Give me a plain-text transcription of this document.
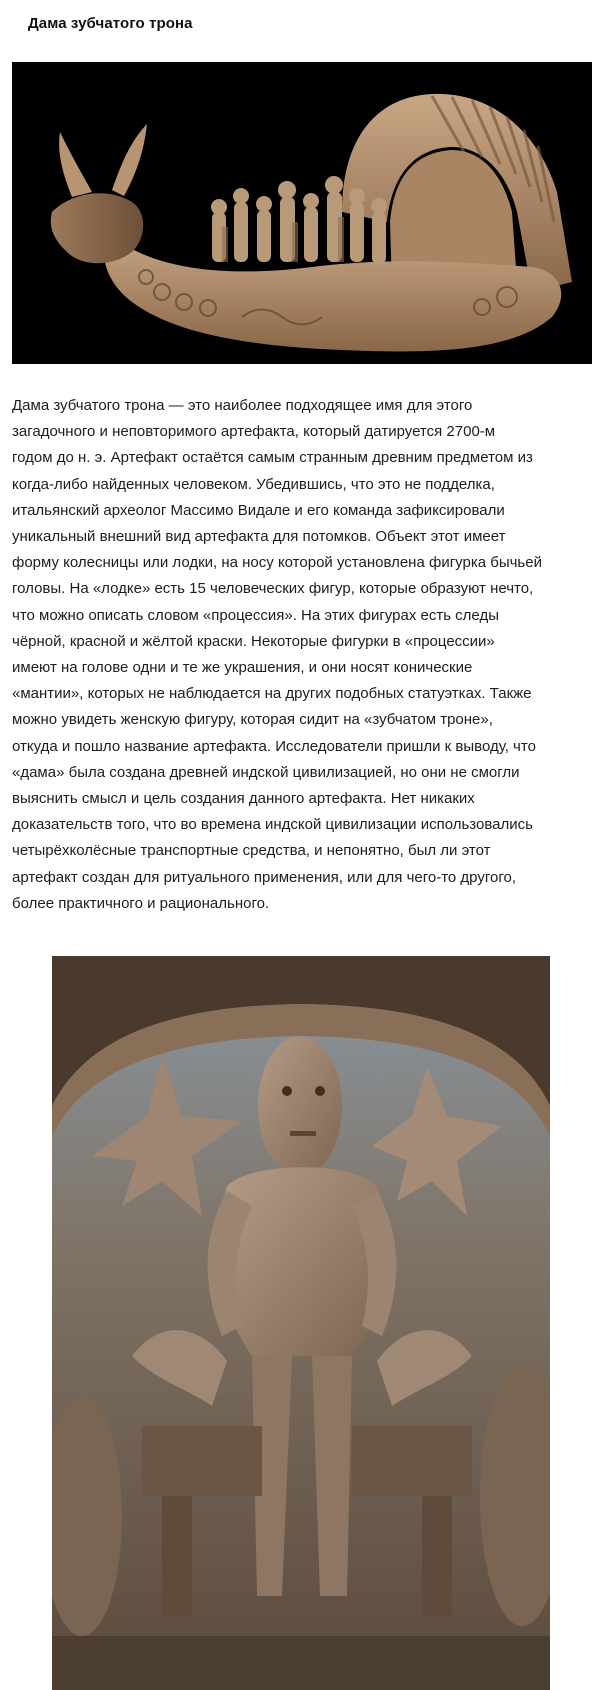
Дама зубчатого трона
Дама зубчатого трона — это наиболее подходящее имя для этого
загадочного и неповторимого артефакта, который датируется 2700-м
годом до н. э. Артефакт остаётся самым странным древним предметом из
когда-либо найденных человеком. Убедившись, что это не подделка,
итальянский археолог Массимо Видале и его команда зафиксировали
уникальный внешний вид артефакта для потомков. Объект этот имеет
форму колесницы или лодки, на носу которой установлена фигурка бычьей
головы. На «лодке» есть 15 человеческих фигур, которые образуют нечто,
что можно описать словом «процессия». На этих фигурах есть следы
чёрной, красной и жёлтой краски. Некоторые фигурки в «процессии»
имеют на голове одни и те же украшения, и они носят конические
«мантии», которых не наблюдается на других подобных статуэтках. Также
можно увидеть женскую фигуру, которая сидит на «зубчатом троне»,
откуда и пошло название артефакта. Исследователи пришли к выводу, что
«дама» была создана древней индской цивилизацией, но они не смогли
выяснить смысл и цель создания данного артефакта. Нет никаких
доказательств того, что во времена индской цивилизации использовались
четырёхколёсные транспортные средства, и непонятно, был ли этот
артефакт создан для ритуального применения, или для чего-то другого,
более практичного и рационального.
